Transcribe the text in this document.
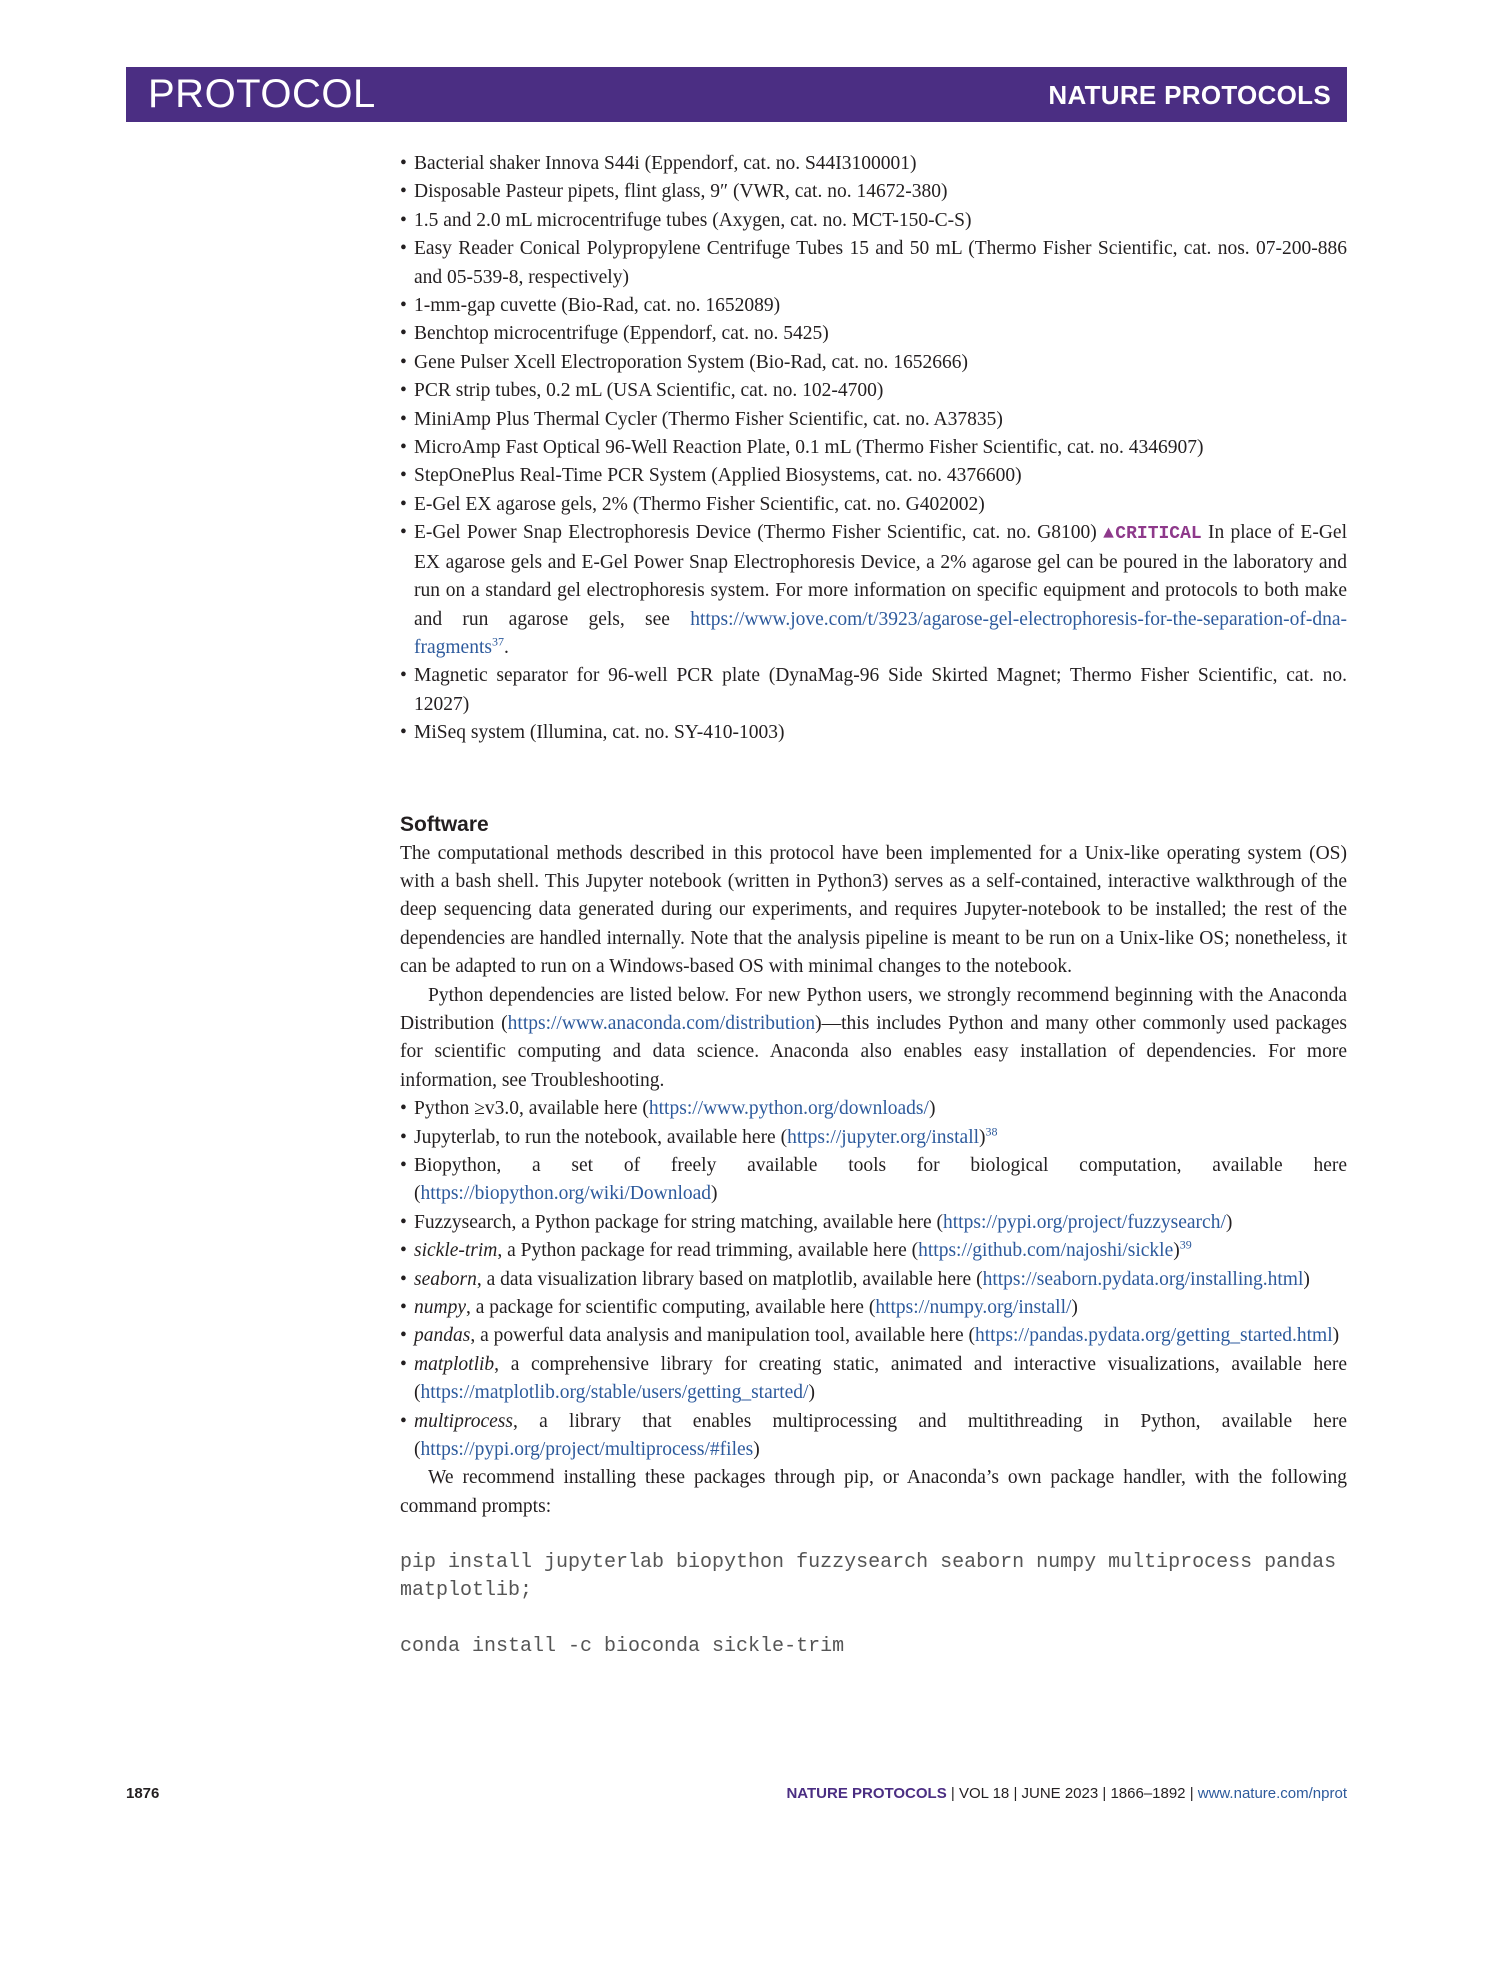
PROTOCOL	NATURE PROTOCOLS
• Bacterial shaker Innova S44i (Eppendorf, cat. no. S44I3100001)
• Disposable Pasteur pipets, flint glass, 9″ (VWR, cat. no. 14672-380)
• 1.5 and 2.0 mL microcentrifuge tubes (Axygen, cat. no. MCT-150-C-S)
• Easy Reader Conical Polypropylene Centrifuge Tubes 15 and 50 mL (Thermo Fisher Scientific, cat. nos. 07-200-886 and 05-539-8, respectively)
• 1-mm-gap cuvette (Bio-Rad, cat. no. 1652089)
• Benchtop microcentrifuge (Eppendorf, cat. no. 5425)
• Gene Pulser Xcell Electroporation System (Bio-Rad, cat. no. 1652666)
• PCR strip tubes, 0.2 mL (USA Scientific, cat. no. 102-4700)
• MiniAmp Plus Thermal Cycler (Thermo Fisher Scientific, cat. no. A37835)
• MicroAmp Fast Optical 96-Well Reaction Plate, 0.1 mL (Thermo Fisher Scientific, cat. no. 4346907)
• StepOnePlus Real-Time PCR System (Applied Biosystems, cat. no. 4376600)
• E-Gel EX agarose gels, 2% (Thermo Fisher Scientific, cat. no. G402002)
• E-Gel Power Snap Electrophoresis Device (Thermo Fisher Scientific, cat. no. G8100) ▲CRITICAL In place of E-Gel EX agarose gels and E-Gel Power Snap Electrophoresis Device, a 2% agarose gel can be poured in the laboratory and run on a standard gel electrophoresis system. For more information on specific equipment and protocols to both make and run agarose gels, see https://www.jove.com/t/3923/agarose-gel-electrophoresis-for-the-separation-of-dna-fragments$^{37}$.
• Magnetic separator for 96-well PCR plate (DynaMag-96 Side Skirted Magnet; Thermo Fisher Scientific, cat. no. 12027)
• MiSeq system (Illumina, cat. no. SY-410-1003)
Software

The computational methods described in this protocol have been implemented for a Unix-like operating system (OS) with a bash shell. This Jupyter notebook (written in Python3) serves as a self-contained, interactive walkthrough of the deep sequencing data generated during our experiments, and requires Jupyter-notebook to be installed; the rest of the dependencies are handled internally. Note that the analysis pipeline is meant to be run on a Unix-like OS; nonetheless, it can be adapted to run on a Windows-based OS with minimal changes to the notebook.

Python dependencies are listed below. For new Python users, we strongly recommend beginning with the Anaconda Distribution (https://www.anaconda.com/distribution)—this includes Python and many other commonly used packages for scientific computing and data science. Anaconda also enables easy installation of dependencies. For more information, see Troubleshooting.

• Python ≥v3.0, available here (https://www.python.org/downloads/)
• Jupyterlab, to run the notebook, available here (https://jupyter.org/install)$^{38}$
• Biopython, a set of freely available tools for biological computation, available here (https://biopython.org/wiki/Download)
• Fuzzysearch, a Python package for string matching, available here (https://pypi.org/project/fuzzysearch/)
• sickle-trim, a Python package for read trimming, available here (https://github.com/najoshi/sickle)$^{39}$
• seaborn, a data visualization library based on matplotlib, available here (https://seaborn.pydata.org/installing.html)
• numpy, a package for scientific computing, available here (https://numpy.org/install/)
• pandas, a powerful data analysis and manipulation tool, available here (https://pandas.pydata.org/getting_started.html)
• matplotlib, a comprehensive library for creating static, animated and interactive visualizations, available here (https://matplotlib.org/stable/users/getting_started/)
• multiprocess, a library that enables multiprocessing and multithreading in Python, available here (https://pypi.org/project/multiprocess/#files)

We recommend installing these packages through pip, or Anaconda’s own package handler, with the following command prompts:

pip install jupyterlab biopython fuzzysearch seaborn numpy multiprocess pandas matplotlib;
conda install -c bioconda sickle-trim
1876	NATURE PROTOCOLS | VOL 18 | JUNE 2023 | 1866–1892 | www.nature.com/nprot
